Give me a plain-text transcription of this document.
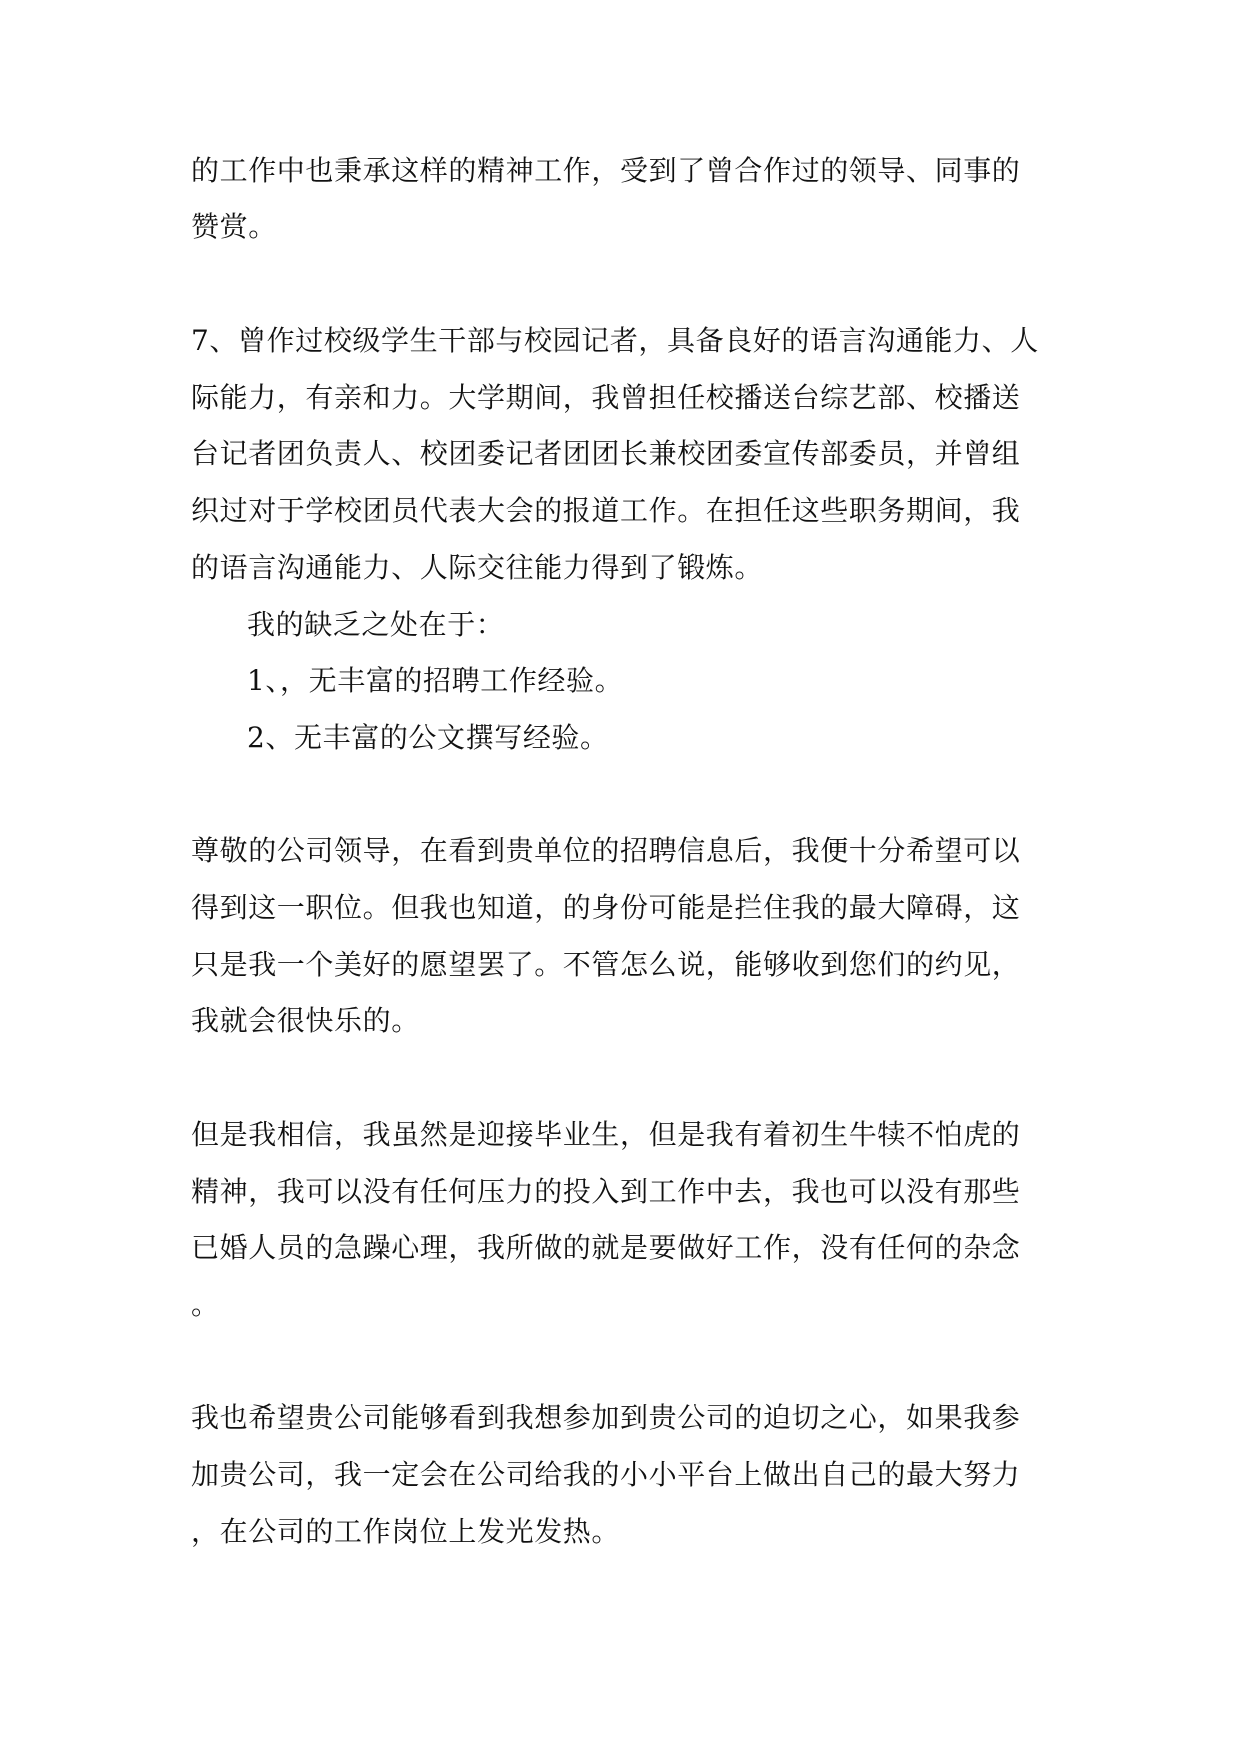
的工作中也秉承这样的精神工作，受到了曾合作过的领导、同事的
赞赏。
7、曾作过校级学生干部与校园记者，具备良好的语言沟通能力、人
际能力，有亲和力。大学期间，我曾担任校播送台综艺部、校播送
台记者团负责人、校团委记者团团长兼校团委宣传部委员，并曾组
织过对于学校团员代表大会的报道工作。在担任这些职务期间，我
的语言沟通能力、人际交往能力得到了锻炼。
我的缺乏之处在于：
1、，无丰富的招聘工作经验。
2、无丰富的公文撰写经验。
尊敬的公司领导，在看到贵单位的招聘信息后，我便十分希望可以
得到这一职位。但我也知道，的身份可能是拦住我的最大障碍，这
只是我一个美好的愿望罢了。不管怎么说，能够收到您们的约见，
我就会很快乐的。
但是我相信，我虽然是迎接毕业生，但是我有着初生牛犊不怕虎的
精神，我可以没有任何压力的投入到工作中去，我也可以没有那些
已婚人员的急躁心理，我所做的就是要做好工作，没有任何的杂念
。
我也希望贵公司能够看到我想参加到贵公司的迫切之心，如果我参
加贵公司，我一定会在公司给我的小小平台上做出自己的最大努力
，在公司的工作岗位上发光发热。
